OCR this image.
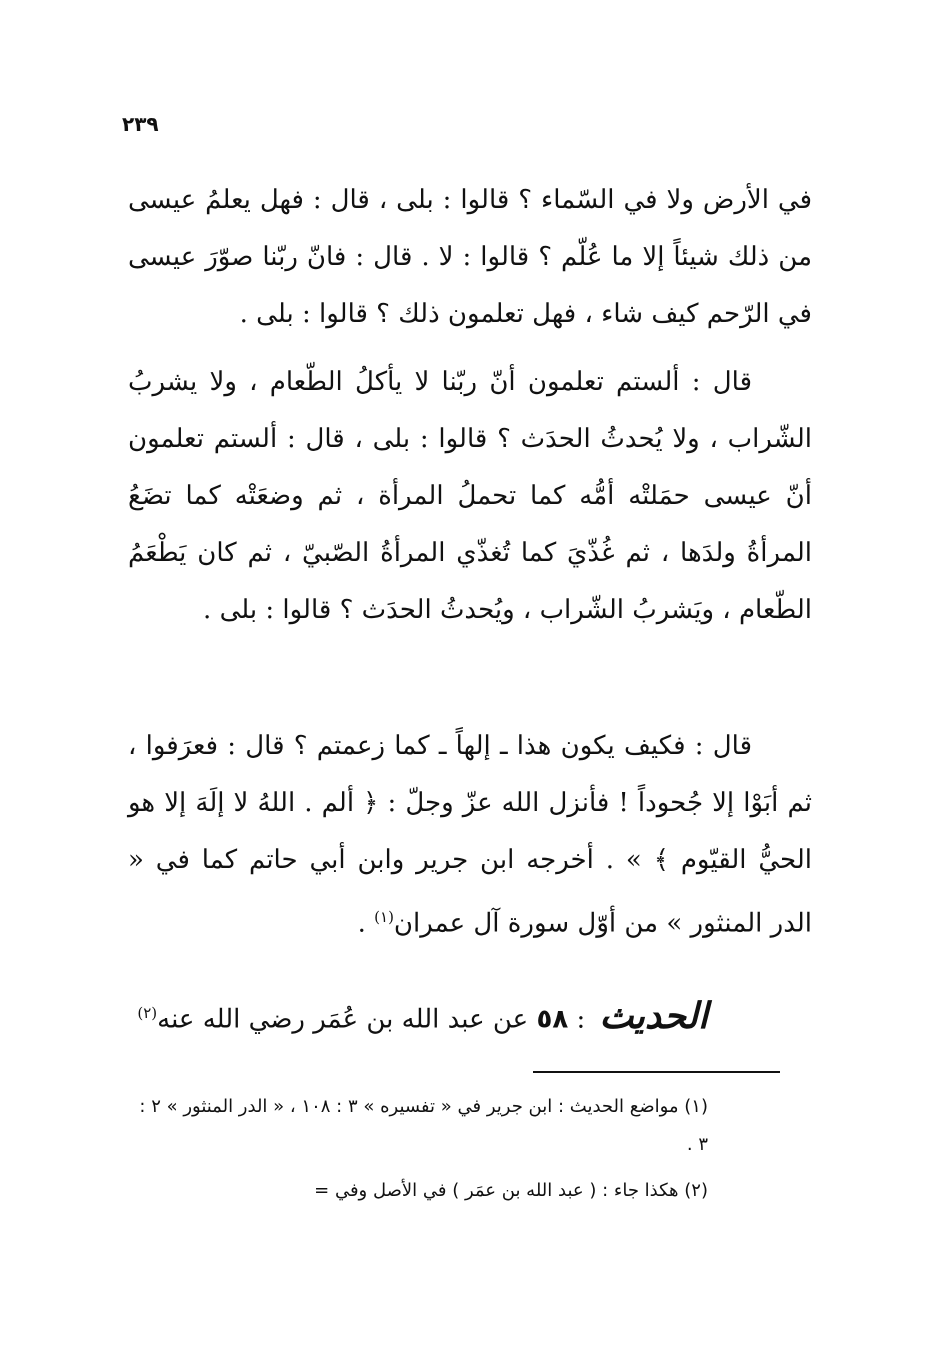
٢٣٩

في الأرض ولا في السّماء ؟ قالوا : بلى ، قال : فهل يعلمُ عيسى من ذلك شيئاً إلا ما عُلّم ؟ قالوا : لا . قال : فانّ ربّنا صوّرَ عيسى في الرّحم كيف شاء ، فهل تعلمون ذلك ؟ قالوا : بلى .

قال : ألستم تعلمون أنّ ربّنا لا يأكلُ الطّعام ، ولا يشربُ الشّراب ، ولا يُحدثُ الحدَث ؟ قالوا : بلى ، قال : ألستم تعلمون أنّ عيسى حمَلتْه أمُّه كما تحملُ المرأة ، ثم وضعَتْه كما تضَعُ المرأةُ ولدَها ، ثم غُذّيَ كما تُغذّي المرأةُ الصّبيّ ، ثم كان يَطْعَمُ الطّعام ، ويَشربُ الشّراب ، ويُحدثُ الحدَث ؟ قالوا : بلى .

قال : فكيف يكون هذا ـ إلهاً ـ كما زعمتم ؟ قال : فعرَفوا ، ثم أبَوْا إلا جُحوداً ! فأنزل الله عزّ وجلّ : ﴿ ألم . اللهُ لا إلَهَ إلا هو الحيُّ القيّوم ﴾ » . أخرجه ابن جرير وابن أبي حاتم كما في « الدر المنثور » من أوّل سورة آل عمران$^{(١)}$ .

الحديث : ٥٨ عن عبد الله بن عُمَر رضي الله عنه$^{(٢)}$

(١) مواضع الحديث : ابن جرير في « تفسيره » ٣ : ١٠٨ ، « الدر المنثور » ٢ : ٣ .

(٢) هكذا جاء : ( عبد الله بن عمَر ) في الأصل وفي =
